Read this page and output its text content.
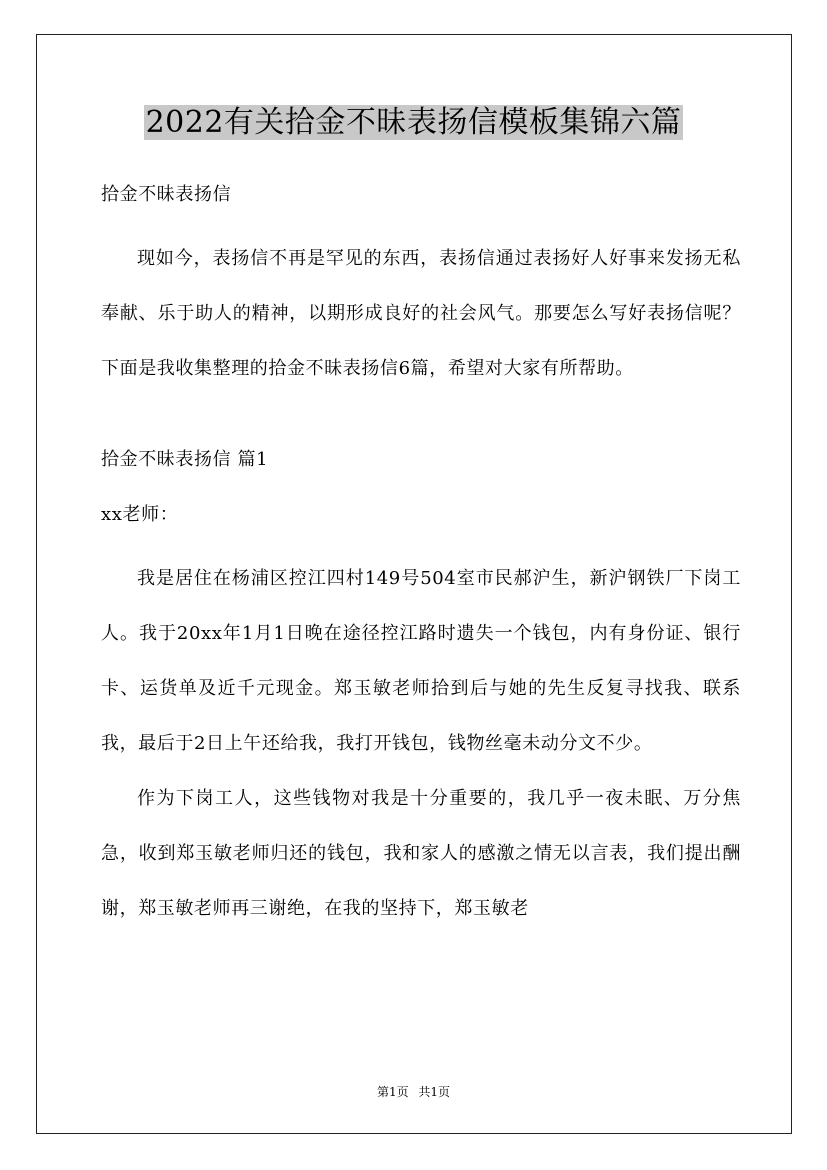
2022有关拾金不昧表扬信模板集锦六篇
拾金不昧表扬信
现如今，表扬信不再是罕见的东西，表扬信通过表扬好人好事来发扬无私奉献、乐于助人的精神，以期形成良好的社会风气。那要怎么写好表扬信呢？下面是我收集整理的拾金不昧表扬信6篇，希望对大家有所帮助。
拾金不昧表扬信 篇1
xx老师：
我是居住在杨浦区控江四村149号504室市民郝沪生，新沪钢铁厂下岗工人。我于20xx年1月1日晚在途径控江路时遗失一个钱包，内有身份证、银行卡、运货单及近千元现金。郑玉敏老师拾到后与她的先生反复寻找我、联系我，最后于2日上午还给我，我打开钱包，钱物丝毫未动分文不少。
作为下岗工人，这些钱物对我是十分重要的，我几乎一夜未眠、万分焦急，收到郑玉敏老师归还的钱包，我和家人的感激之情无以言表，我们提出酬谢，郑玉敏老师再三谢绝，在我的坚持下，郑玉敏老
第1页 共1页
